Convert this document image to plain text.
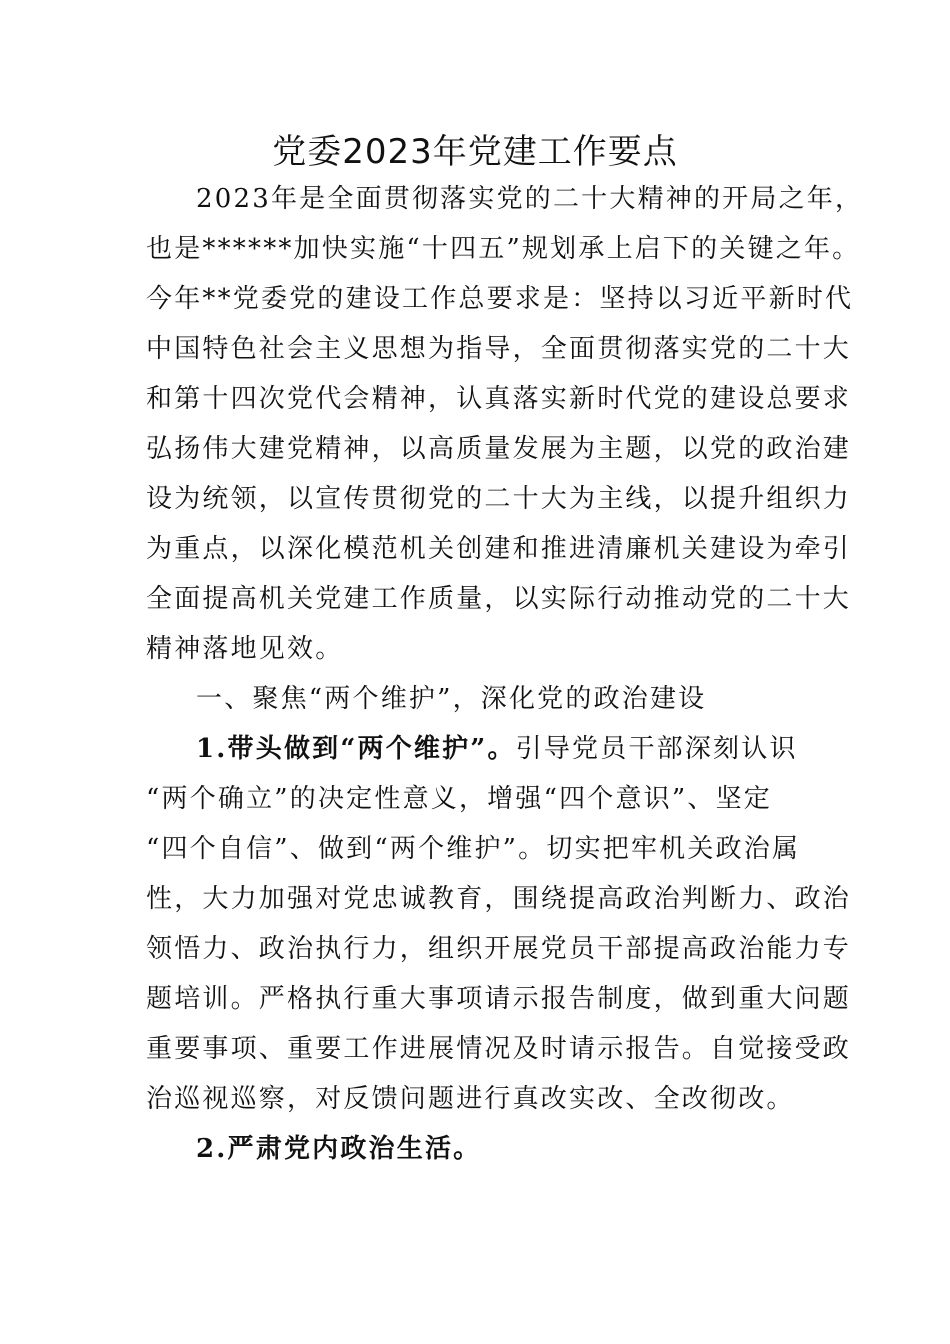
党委2023年党建工作要点

2023年是全面贯彻落实党的二十大精神的开局之年，

也是******加快实施“十四五”规划承上启下的关键之年。

今年**党委党的建设工作总要求是：坚持以习近平新时代

中国特色社会主义思想为指导，全面贯彻落实党的二十大

和第十四次党代会精神，认真落实新时代党的建设总要求

弘扬伟大建党精神，以高质量发展为主题，以党的政治建

设为统领，以宣传贯彻党的二十大为主线，以提升组织力

为重点，以深化模范机关创建和推进清廉机关建设为牵引

全面提高机关党建工作质量，以实际行动推动党的二十大

精神落地见效。

一、聚焦“两个维护”，深化党的政治建设

1.带头做到“两个维护”。引导党员干部深刻认识

“两个确立”的决定性意义，增强“四个意识”、坚定

“四个自信”、做到“两个维护”。切实把牢机关政治属

性，大力加强对党忠诚教育，围绕提高政治判断力、政治

领悟力、政治执行力，组织开展党员干部提高政治能力专

题培训。严格执行重大事项请示报告制度，做到重大问题

重要事项、重要工作进展情况及时请示报告。自觉接受政

治巡视巡察，对反馈问题进行真改实改、全改彻改。

2.严肃党内政治生活。
